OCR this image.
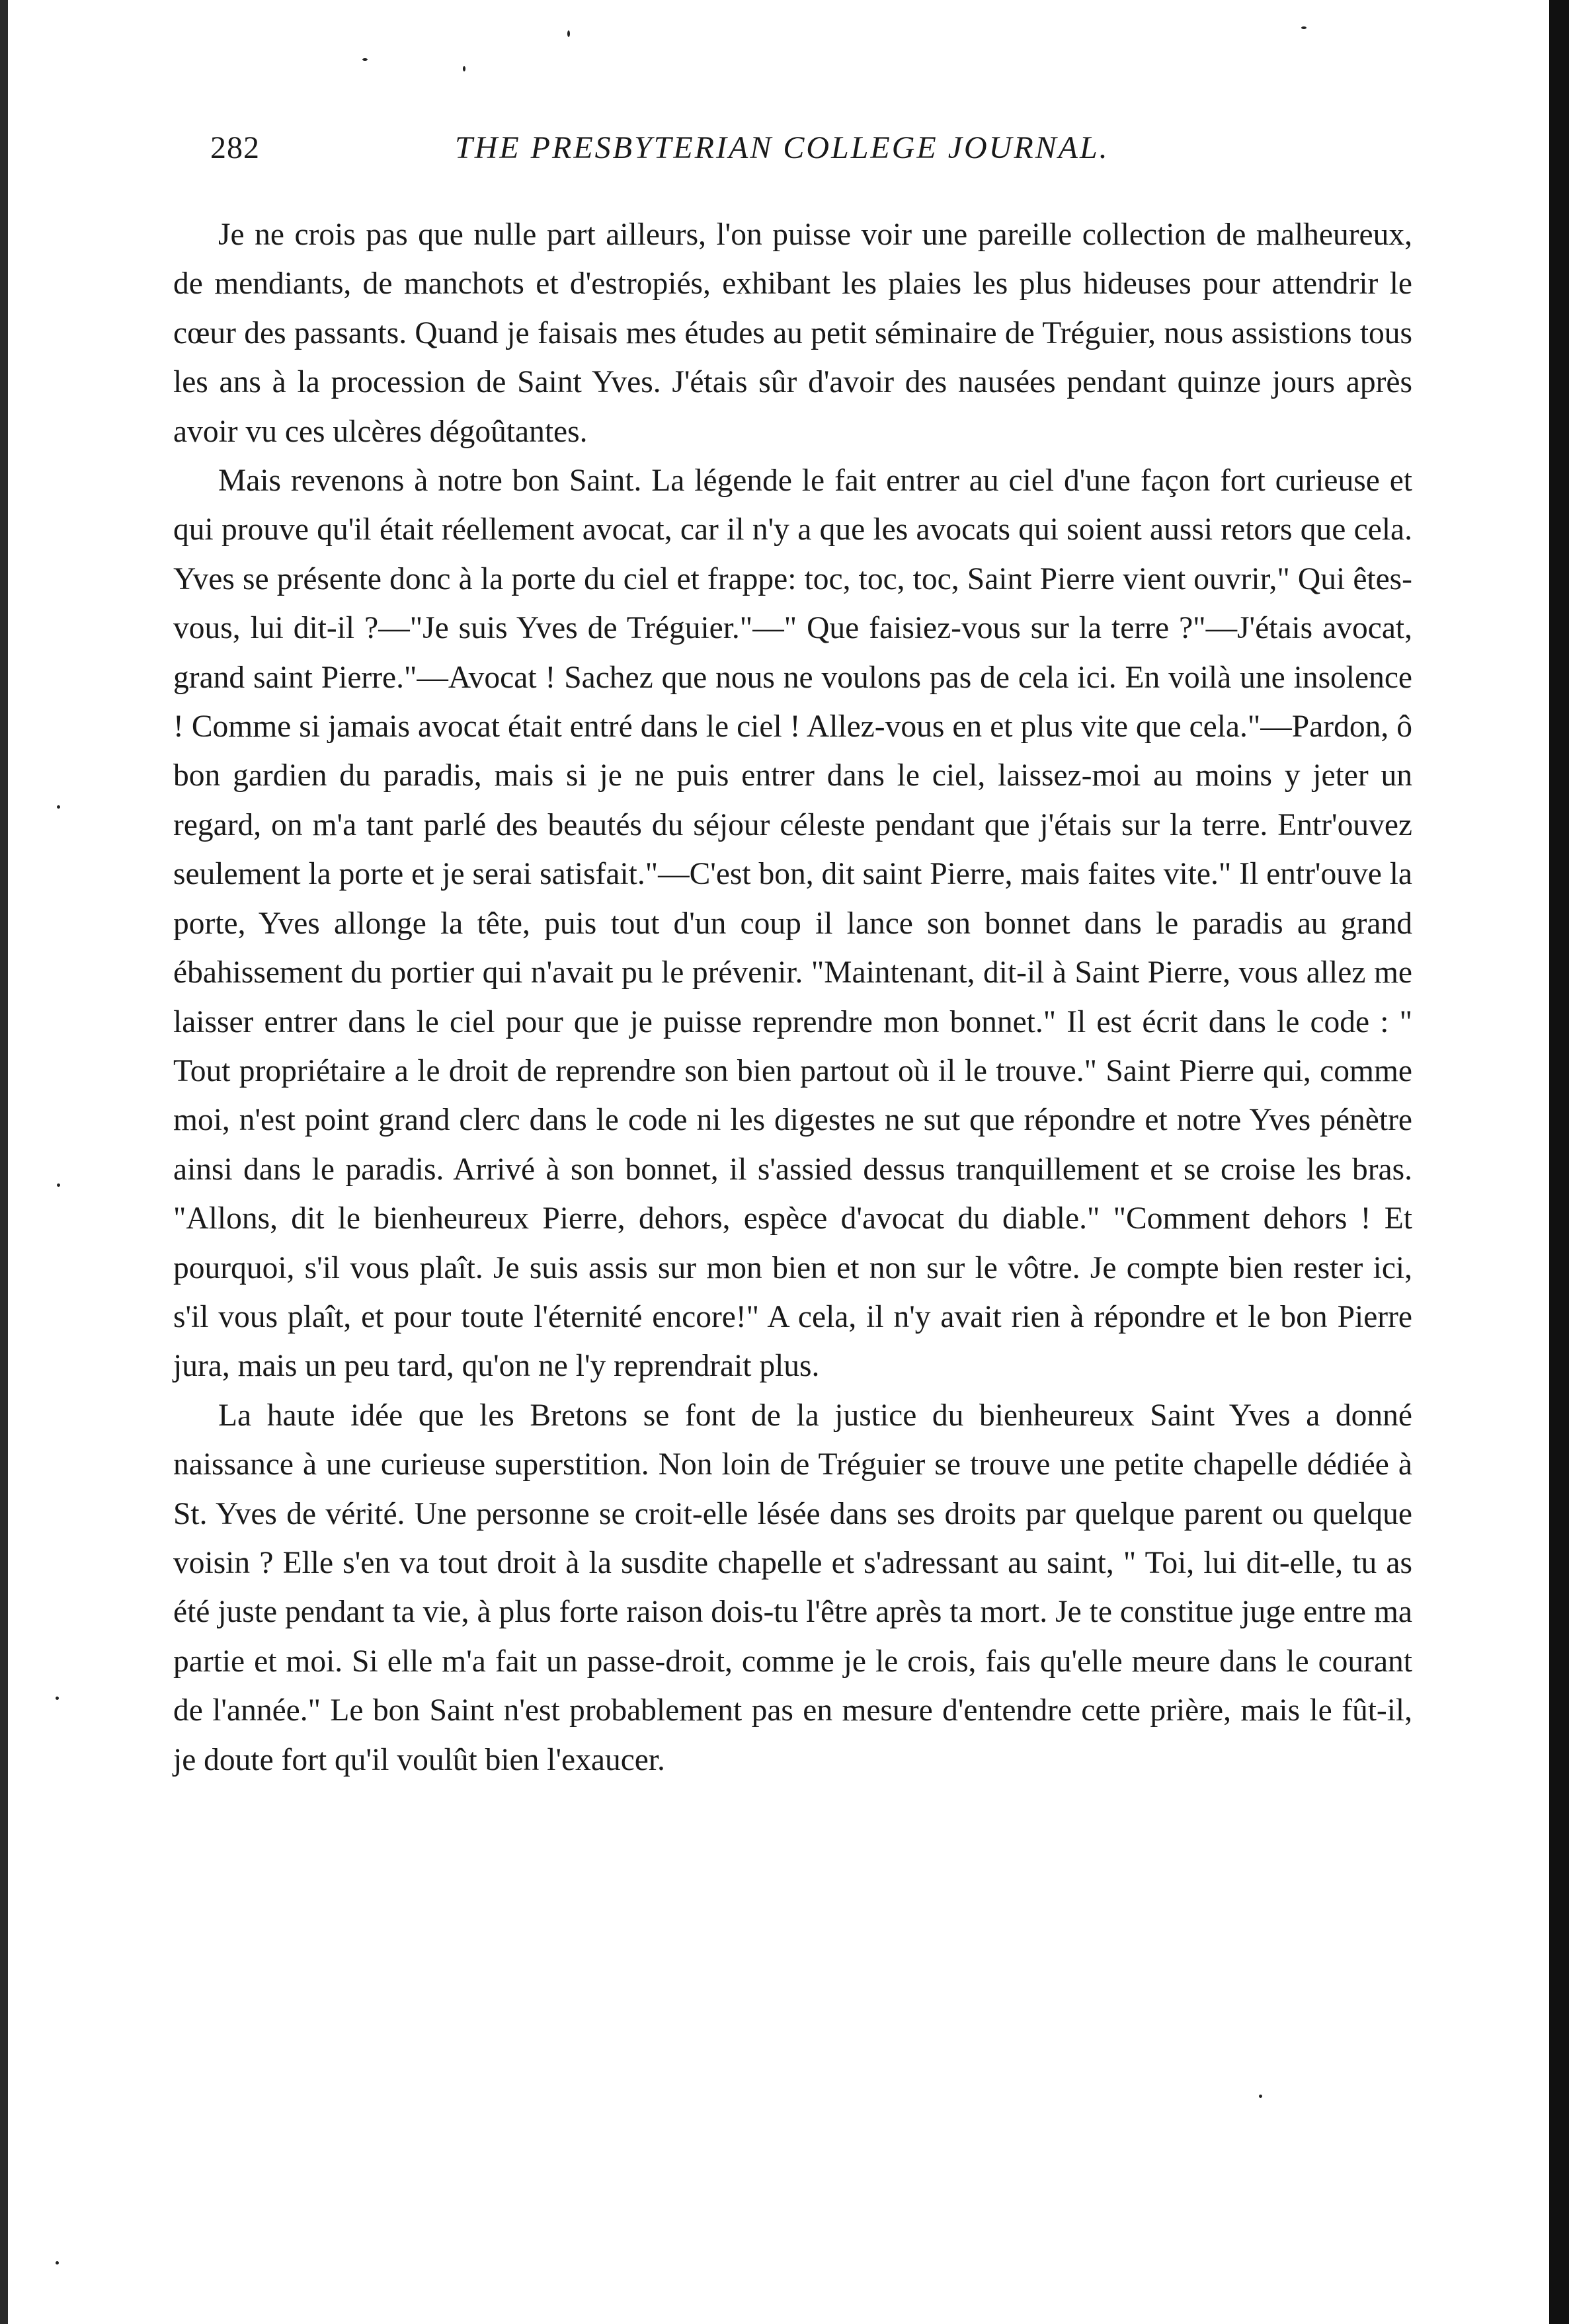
282	THE PRESBYTERIAN COLLEGE JOURNAL.

Je ne crois pas que nulle part ailleurs, l'on puisse voir une pareille collection de malheureux, de mendiants, de manchots et d'estropiés, exhibant les plaies les plus hideuses pour attendrir le cœur des passants. Quand je faisais mes études au petit séminaire de Tréguier, nous assistions tous les ans à la procession de Saint Yves. J'étais sûr d'avoir des nausées pendant quinze jours après avoir vu ces ulcères dégoûtantes.

Mais revenons à notre bon Saint. La légende le fait entrer au ciel d'une façon fort curieuse et qui prouve qu'il était réellement avocat, car il n'y a que les avocats qui soient aussi retors que cela. Yves se présente donc à la porte du ciel et frappe: toc, toc, toc, Saint Pierre vient ouvrir," Qui êtes-vous, lui dit-il ?—"Je suis Yves de Tréguier."—" Que faisiez-vous sur la terre ?"—J'étais avocat, grand saint Pierre."—Avocat ! Sachez que nous ne voulons pas de cela ici. En voilà une insolence ! Comme si jamais avocat était entré dans le ciel ! Allez-vous en et plus vite que cela."—Pardon, ô bon gardien du paradis, mais si je ne puis entrer dans le ciel, laissez-moi au moins y jeter un regard, on m'a tant parlé des beautés du séjour céleste pendant que j'étais sur la terre. Entr'ouvez seulement la porte et je serai satisfait."—C'est bon, dit saint Pierre, mais faites vite." Il entr'ouve la porte, Yves allonge la tête, puis tout d'un coup il lance son bonnet dans le paradis au grand ébahissement du portier qui n'avait pu le prévenir. "Maintenant, dit-il à Saint Pierre, vous allez me laisser entrer dans le ciel pour que je puisse reprendre mon bonnet." Il est écrit dans le code : " Tout propriétaire a le droit de reprendre son bien partout où il le trouve." Saint Pierre qui, comme moi, n'est point grand clerc dans le code ni les digestes ne sut que répondre et notre Yves pénètre ainsi dans le paradis. Arrivé à son bonnet, il s'assied dessus tranquillement et se croise les bras. "Allons, dit le bienheureux Pierre, dehors, espèce d'avocat du diable." "Comment dehors ! Et pourquoi, s'il vous plaît. Je suis assis sur mon bien et non sur le vôtre. Je compte bien rester ici, s'il vous plaît, et pour toute l'éternité encore!" A cela, il n'y avait rien à répondre et le bon Pierre jura, mais un peu tard, qu'on ne l'y reprendrait plus.

La haute idée que les Bretons se font de la justice du bienheureux Saint Yves a donné naissance à une curieuse superstition. Non loin de Tréguier se trouve une petite chapelle dédiée à St. Yves de vérité. Une personne se croit-elle lésée dans ses droits par quelque parent ou quelque voisin ? Elle s'en va tout droit à la susdite chapelle et s'adressant au saint, " Toi, lui dit-elle, tu as été juste pendant ta vie, à plus forte raison dois-tu l'être après ta mort. Je te constitue juge entre ma partie et moi. Si elle m'a fait un passe-droit, comme je le crois, fais qu'elle meure dans le courant de l'année." Le bon Saint n'est probablement pas en mesure d'entendre cette prière, mais le fût-il, je doute fort qu'il voulût bien l'exaucer.
